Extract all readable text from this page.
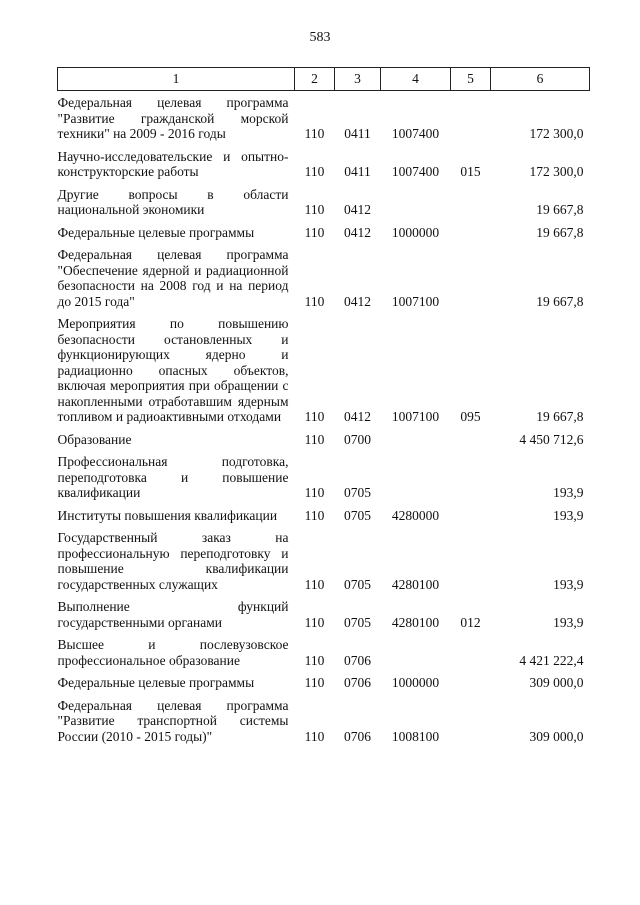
583
1	2	3	4	5	6
Федеральная целевая программа "Развитие гражданской морской техники" на 2009 - 2016 годы	110	0411	1007400		172 300,0
Научно-исследовательские и опытно-конструкторские работы	110	0411	1007400	015	172 300,0
Другие вопросы в области национальной экономики	110	0412			19 667,8
Федеральные целевые программы	110	0412	1000000		19 667,8
Федеральная целевая программа "Обеспечение ядерной и радиационной безопасности на 2008 год и на период до 2015 года"	110	0412	1007100		19 667,8
Мероприятия по повышению безопасности остановленных и функционирующих ядерно и радиационно опасных объектов, включая мероприятия при обращении с накопленными отработавшим ядерным топливом и радиоактивными отходами	110	0412	1007100	095	19 667,8
Образование	110	0700			4 450 712,6
Профессиональная подготовка, переподготовка и повышение квалификации	110	0705			193,9
Институты повышения квалификации	110	0705	4280000		193,9
Государственный заказ на профессиональную переподготовку и повышение квалификации государственных служащих	110	0705	4280100		193,9
Выполнение функций государственными органами	110	0705	4280100	012	193,9
Высшее и послевузовское профессиональное образование	110	0706			4 421 222,4
Федеральные целевые программы	110	0706	1000000		309 000,0
Федеральная целевая программа "Развитие транспортной системы России (2010 - 2015 годы)"	110	0706	1008100		309 000,0
